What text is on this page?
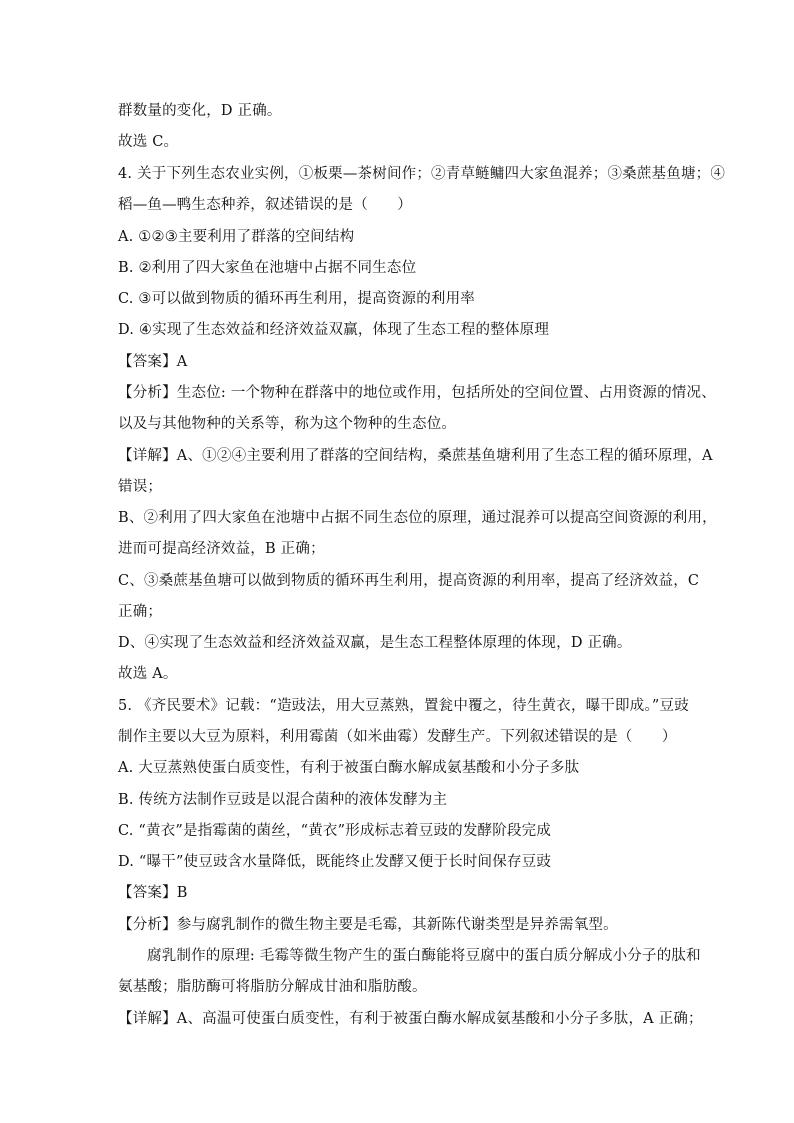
群数量的变化，D 正确。
故选 C。
4. 关于下列生态农业实例，①板栗—茶树间作；②青草鲢鳙四大家鱼混养；③桑蔗基鱼塘；④
稻—鱼—鸭生态种养，叙述错误的是（　　）
A. ①②③主要利用了群落的空间结构
B. ②利用了四大家鱼在池塘中占据不同生态位
C. ③可以做到物质的循环再生利用，提高资源的利用率
D. ④实现了生态效益和经济效益双赢，体现了生态工程的整体原理
【答案】A
【分析】生态位: 一个物种在群落中的地位或作用，包括所处的空间位置、占用资源的情况、
以及与其他物种的关系等，称为这个物种的生态位。
【详解】A、①②④主要利用了群落的空间结构，桑蔗基鱼塘利用了生态工程的循环原理，A
错误；
B、②利用了四大家鱼在池塘中占据不同生态位的原理，通过混养可以提高空间资源的利用，
进而可提高经济效益，B 正确；
C、③桑蔗基鱼塘可以做到物质的循环再生利用，提高资源的利用率，提高了经济效益，C
正确；
D、④实现了生态效益和经济效益双赢，是生态工程整体原理的体现，D 正确。
故选 A。
5. 《齐民要术》记载：“造豉法，用大豆蒸熟，置瓮中覆之，待生黄衣，曝干即成。”豆豉
制作主要以大豆为原料，利用霉菌（如米曲霉）发酵生产。下列叙述错误的是（　　）
A. 大豆蒸熟使蛋白质变性，有利于被蛋白酶水解成氨基酸和小分子多肽
B. 传统方法制作豆豉是以混合菌种的液体发酵为主
C. “黄衣”是指霉菌的菌丝，“黄衣”形成标志着豆豉的发酵阶段完成
D. “曝干”使豆豉含水量降低，既能终止发酵又便于长时间保存豆豉
【答案】B
【分析】参与腐乳制作的微生物主要是毛霉，其新陈代谢类型是异养需氧型。
腐乳制作的原理: 毛霉等微生物产生的蛋白酶能将豆腐中的蛋白质分解成小分子的肽和
氨基酸；脂肪酶可将脂肪分解成甘油和脂肪酸。
【详解】A、高温可使蛋白质变性，有利于被蛋白酶水解成氨基酸和小分子多肽，A 正确；
